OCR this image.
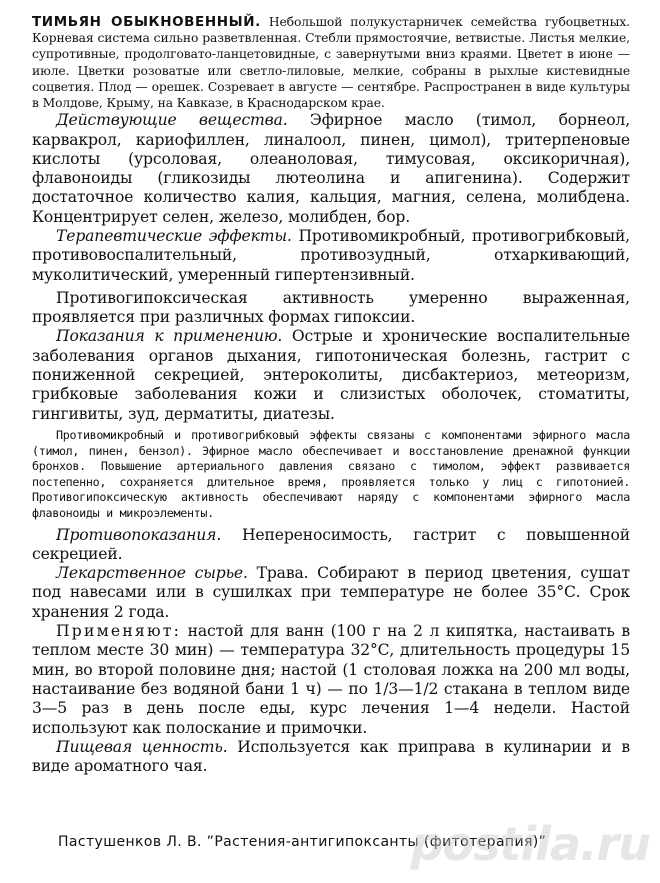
ТИМЬЯН ОБЫКНОВЕННЫЙ. Небольшой полукустарничек семейства губоцветных. Корневая система сильно разветвленная. Стебли прямостоячие, ветвистые. Листья мелкие, супротивные, продолговато-ланцетовидные, с завернутыми вниз краями. Цветет в июне — июле. Цветки розоватые или светло-лиловые, мелкие, собраны в рыхлые кистевидные соцветия. Плод — орешек. Созревает в августе — сентябре. Распространен в виде культуры в Молдове, Крыму, на Кавказе, в Краснодарском крае.

Действующие вещества. Эфирное масло (тимол, борнеол, карвакрол, кариофиллен, линалоол, пинен, цимол), тритерпеновые кислоты (урсоловая, олеаноловая, тимусовая, оксикоричная), флавоноиды (гликозиды лютеолина и апигенина). Содержит достаточное количество калия, кальция, магния, селена, молибдена. Концентрирует селен, железо, молибден, бор.

Терапевтические эффекты. Противомикробный, противогрибковый, противовоспалительный, противозудный, отхаркивающий, муколитический, умеренный гипертензивный.

Противогипоксическая активность умеренно выраженная, проявляется при различных формах гипоксии.

Показания к применению. Острые и хронические воспалительные заболевания органов дыхания, гипотоническая болезнь, гастрит с пониженной секрецией, энтероколиты, дисбактериоз, метеоризм, грибковые заболевания кожи и слизистых оболочек, стоматиты, гингивиты, зуд, дерматиты, диатезы.

Противомикробный и противогрибковый эффекты связаны с компонентами эфирного масла (тимол, пинен, бензол). Эфирное масло обеспечивает и восстановление дренажной функции бронхов. Повышение артериального давления связано с тимолом, эффект развивается постепенно, сохраняется длительное время, проявляется только у лиц с гипотонией. Противогипоксическую активность обеспечивают наряду с компонентами эфирного масла флавоноиды и микроэлементы.

Противопоказания. Непереносимость, гастрит с повышенной секрецией.

Лекарственное сырье. Трава. Собирают в период цветения, сушат под навесами или в сушилках при температуре не более 35°С. Срок хранения 2 года.

Применяют: настой для ванн (100 г на 2 л кипятка, настаивать в теплом месте 30 мин) — температура 32°С, длительность процедуры 15 мин, во второй половине дня; настой (1 столовая ложка на 200 мл воды, настаивание без водяной бани 1 ч) — по 1/3—1/2 стакана в теплом виде 3—5 раз в день после еды, курс лечения 1—4 недели. Настой используют как полоскание и примочки.

Пищевая ценность. Используется как приправа в кулинарии и в виде ароматного чая.

Пастушенков Л. В. ”Растения-антигипоксанты (фитотерапия)”
postila.ru
